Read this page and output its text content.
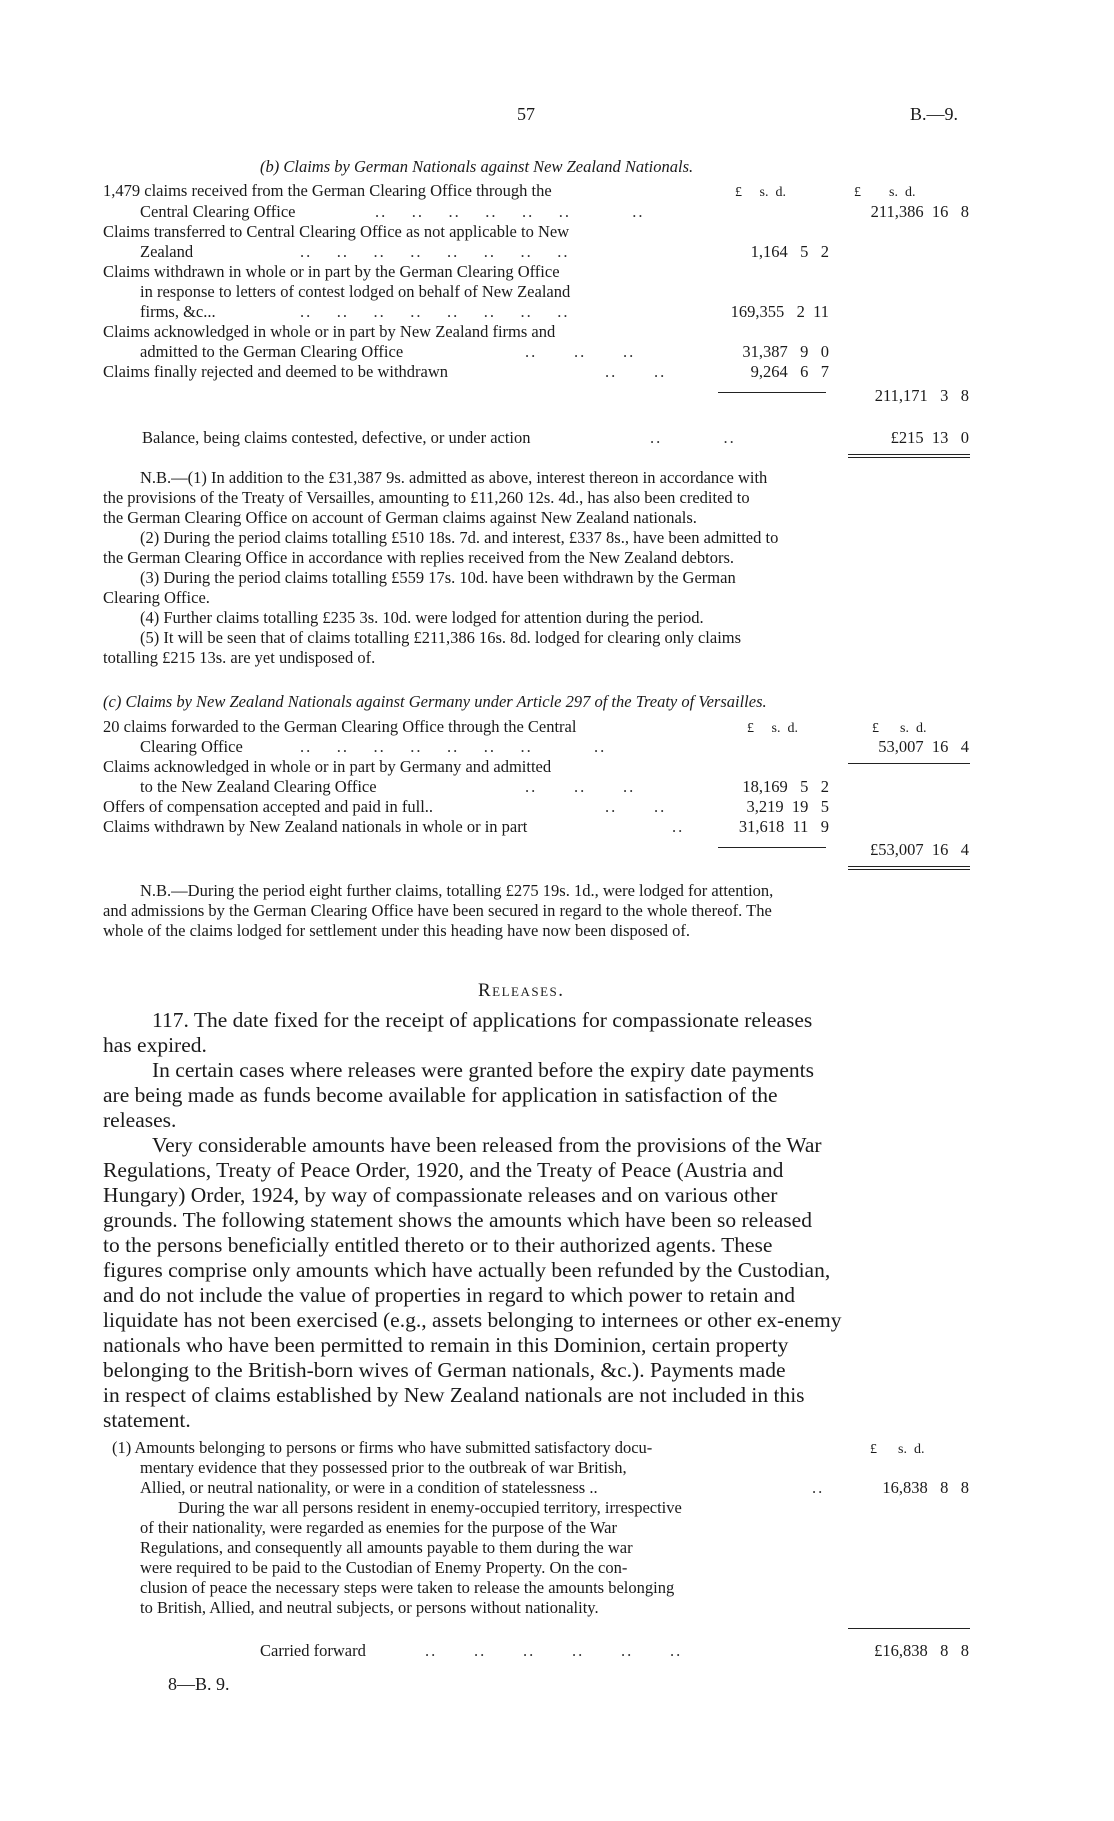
57	B.—9.
(b) Claims by German Nationals against New Zealand Nationals.
1,479 claims received from the German Clearing Office through the	£     s.  d.	£        s.  d.
Central Clearing Office	..    ..    ..    ..    ..    ..          ..	211,386  16   8
Claims transferred to Central Clearing Office as not applicable to New
Zealand	..    ..    ..    ..    ..    ..    ..    ..	1,164   5   2
Claims withdrawn in whole or in part by the German Clearing Office
in response to letters of contest lodged on behalf of New Zealand
firms, &c...	..    ..    ..    ..    ..    ..    ..    ..	169,355   2  11
Claims acknowledged in whole or in part by New Zealand firms and
admitted to the German Clearing Office	..      ..      ..	31,387   9   0
Claims finally rejected and deemed to be withdrawn	..      ..	9,264   6   7
211,171   3   8
Balance, being claims contested, defective, or under action	..          ..	£215  13   0
N.B.—(1) In addition to the £31,387 9s. admitted as above, interest thereon in accordance with
the provisions of the Treaty of Versailles, amounting to £11,260 12s. 4d., has also been credited to
the German Clearing Office on account of German claims against New Zealand nationals.
(2) During the period claims totalling £510 18s. 7d. and interest, £337 8s., have been admitted to
the German Clearing Office in accordance with replies received from the New Zealand debtors.
(3) During the period claims totalling £559 17s. 10d. have been withdrawn by the German
Clearing Office.
(4) Further claims totalling £235 3s. 10d. were lodged for attention during the period.
(5) It will be seen that of claims totalling £211,386 16s. 8d. lodged for clearing only claims
totalling £215 13s. are yet undisposed of.
(c) Claims by New Zealand Nationals against Germany under Article 297 of the Treaty of Versailles.
20 claims forwarded to the German Clearing Office through the Central	£     s.  d.	£      s.  d.
Clearing Office	..    ..    ..    ..    ..    ..    ..          ..	53,007  16   4
Claims acknowledged in whole or in part by Germany and admitted
to the New Zealand Clearing Office	..      ..      ..	18,169   5   2
Offers of compensation accepted and paid in full..	..      ..	3,219  19   5
Claims withdrawn by New Zealand nationals in whole or in part	..	31,618  11   9
£53,007  16   4
N.B.—During the period eight further claims, totalling £275 19s. 1d., were lodged for attention,
and admissions by the German Clearing Office have been secured in regard to the whole thereof. The
whole of the claims lodged for settlement under this heading have now been disposed of.
Releases.
117. The date fixed for the receipt of applications for compassionate releases
has expired.
In certain cases where releases were granted before the expiry date payments
are being made as funds become available for application in satisfaction of the
releases.
Very considerable amounts have been released from the provisions of the War
Regulations, Treaty of Peace Order, 1920, and the Treaty of Peace (Austria and
Hungary) Order, 1924, by way of compassionate releases and on various other
grounds. The following statement shows the amounts which have been so released
to the persons beneficially entitled thereto or to their authorized agents. These
figures comprise only amounts which have actually been refunded by the Custodian,
and do not include the value of properties in regard to which power to retain and
liquidate has not been exercised (e.g., assets belonging to internees or other ex-enemy
nationals who have been permitted to remain in this Dominion, certain property
belonging to the British-born wives of German nationals, &c.). Payments made
in respect of claims established by New Zealand nationals are not included in this
statement.
(1) Amounts belonging to persons or firms who have submitted satisfactory docu-	£      s.  d.
mentary evidence that they possessed prior to the outbreak of war British,
Allied, or neutral nationality, or were in a condition of statelessness ..	..	16,838   8   8
During the war all persons resident in enemy-occupied territory, irrespective
of their nationality, were regarded as enemies for the purpose of the War
Regulations, and consequently all amounts payable to them during the war
were required to be paid to the Custodian of Enemy Property. On the con-
clusion of peace the necessary steps were taken to release the amounts belonging
to British, Allied, and neutral subjects, or persons without nationality.
Carried forward	..      ..      ..      ..      ..      ..	£16,838   8   8
8—B. 9.
